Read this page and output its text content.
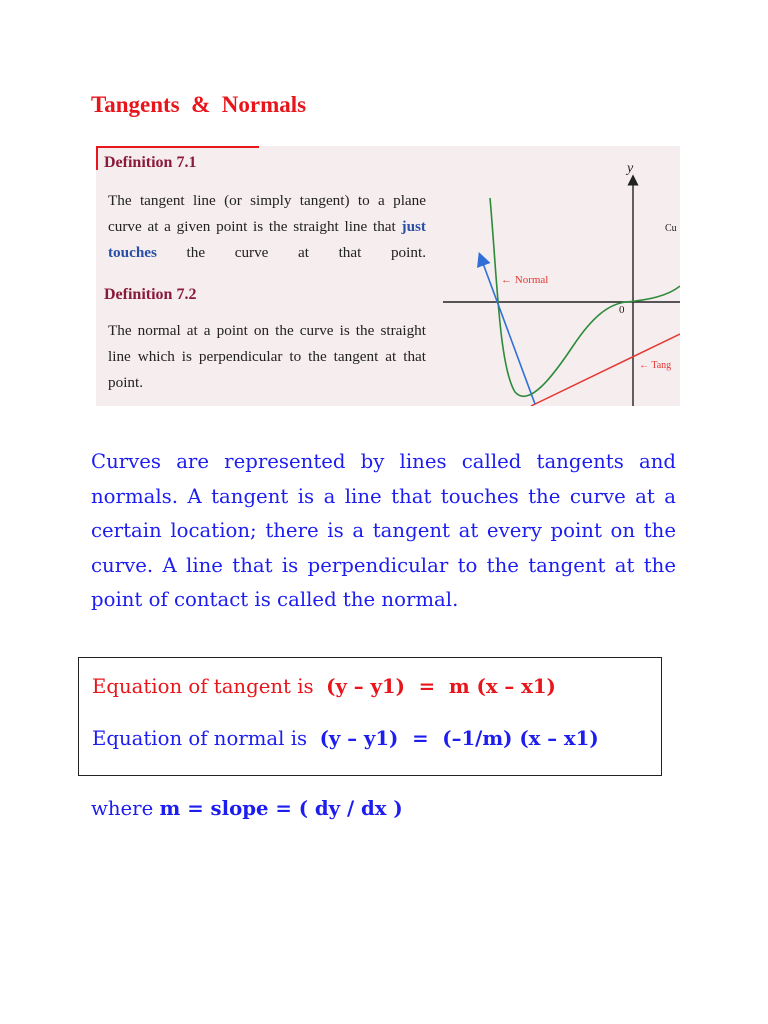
Tangents  &  Normals
Definition 7.1

The tangent line (or simply tangent) to a plane curve at a given point is the straight line that just touches the curve at that point.

Definition 7.2

The normal at a point on the curve is the straight line which is perpendicular to the tangent at that point.

y
0
← Normal
Cu
← Tang

Curves are represented by lines called tangents and normals. A tangent is a line that touches the curve at a certain location; there is a tangent at every point on the curve. A line that is perpendicular to the tangent at the point of contact is called the normal.

Equation of tangent is  (y – y1)  =  m (x – x1)

Equation of normal is  (y – y1)  =  (–1/m) (x – x1)

where m = slope = ( dy / dx )
